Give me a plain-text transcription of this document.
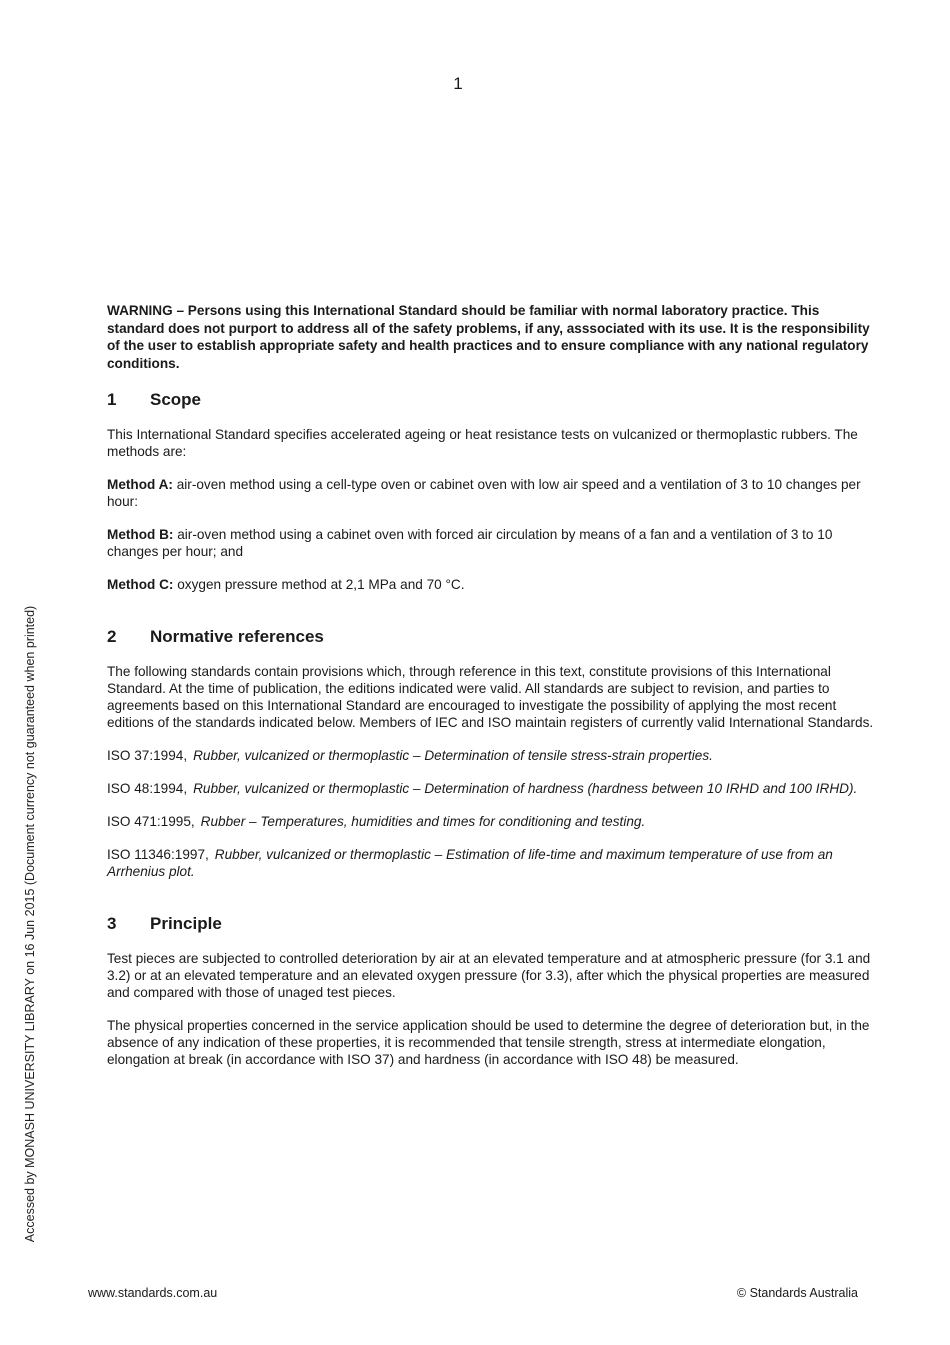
1
Accessed by MONASH UNIVERSITY LIBRARY on 16 Jun 2015 (Document currency not guaranteed when printed)

WARNING – Persons using this International Standard should be familiar with normal laboratory practice. This standard does not purport to address all of the safety problems, if any, asssociated with its use. It is the responsibility of the user to establish appropriate safety and health practices and to ensure compliance with any national regulatory conditions.

1	Scope

This International Standard specifies accelerated ageing or heat resistance tests on vulcanized or thermoplastic rubbers. The methods are:

Method A: air-oven method using a cell-type oven or cabinet oven with low air speed and a ventilation of 3 to 10 changes per hour:

Method B: air-oven method using a cabinet oven with forced air circulation by means of a fan and a ventilation of 3 to 10 changes per hour; and

Method C: oxygen pressure method at 2,1 MPa and 70 °C.

2	Normative references

The following standards contain provisions which, through reference in this text, constitute provisions of this International Standard. At the time of publication, the editions indicated were valid. All standards are subject to revision, and parties to agreements based on this International Standard are encouraged to investigate the possibility of applying the most recent editions of the standards indicated below. Members of IEC and ISO maintain registers of currently valid International Standards.

ISO 37:1994, Rubber, vulcanized or thermoplastic – Determination of tensile stress-strain properties.

ISO 48:1994, Rubber, vulcanized or thermoplastic – Determination of hardness (hardness between 10 IRHD and 100 IRHD).

ISO 471:1995, Rubber – Temperatures, humidities and times for conditioning and testing.

ISO 11346:1997, Rubber, vulcanized or thermoplastic – Estimation of life-time and maximum temperature of use from an Arrhenius plot.

3	Principle

Test pieces are subjected to controlled deterioration by air at an elevated temperature and at atmospheric pressure (for 3.1 and 3.2) or at an elevated temperature and an elevated oxygen pressure (for 3.3), after which the physical properties are measured and compared with those of unaged test pieces.

The physical properties concerned in the service application should be used to determine the degree of deterioration but, in the absence of any indication of these properties, it is recommended that tensile strength, stress at intermediate elongation, elongation at break (in accordance with ISO 37) and hardness (in accordance with ISO 48) be measured.

www.standards.com.au	© Standards Australia
